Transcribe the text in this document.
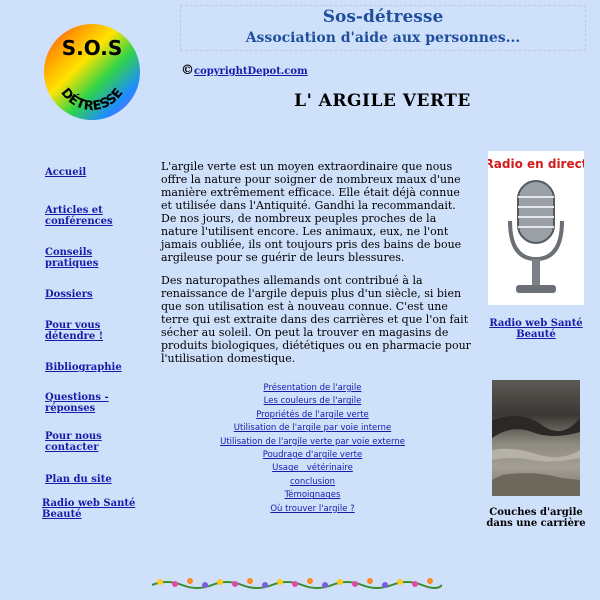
S.O.S
DÉTRESSE
Sos-détresse
Association d'aide aux personnes...
©copyrightDepot.com
L' ARGILE VERTE
Accueil
Articles et
conférences
Conseils
pratiques
Dossiers
Pour vous
détendre !
Bibliographie
Questions -
réponses
Pour nous
contacter
Plan du site
Radio web Santé
Beauté

L'argile verte est un moyen extraordinaire que nous offre la nature pour soigner de nombreux maux d'une manière extrêmement efficace. Elle était déjà connue et utilisée dans l'Antiquité. Gandhi la recommandait. De nos jours, de nombreux peuples proches de la nature l'utilisent encore. Les animaux, eux, ne l'ont jamais oubliée, ils ont toujours pris des bains de boue argileuse pour se guérir de leurs blessures.

Des naturopathes allemands ont contribué à la renaissance de l'argile depuis plus d'un siècle, si bien que son utilisation est à nouveau connue. C'est une terre qui est extraite dans des carrières et que l'on fait sécher au soleil. On peut la trouver en magasins de produits biologiques, diététiques ou en pharmacie pour l'utilisation domestique.

Présentation de l'argile
Les couleurs de l'argile
Propriétés de l'argile verte
Utilisation de l'argile par voie interne
Utilisation de l'argile verte par voie externe
Poudrage d'argile verte
Usage   vétérinaire
conclusion
Témoignages
Où trouver l'argile ?
Radio en direct
Radio web Santé
Beauté
Couches d'argile
dans une carrière
